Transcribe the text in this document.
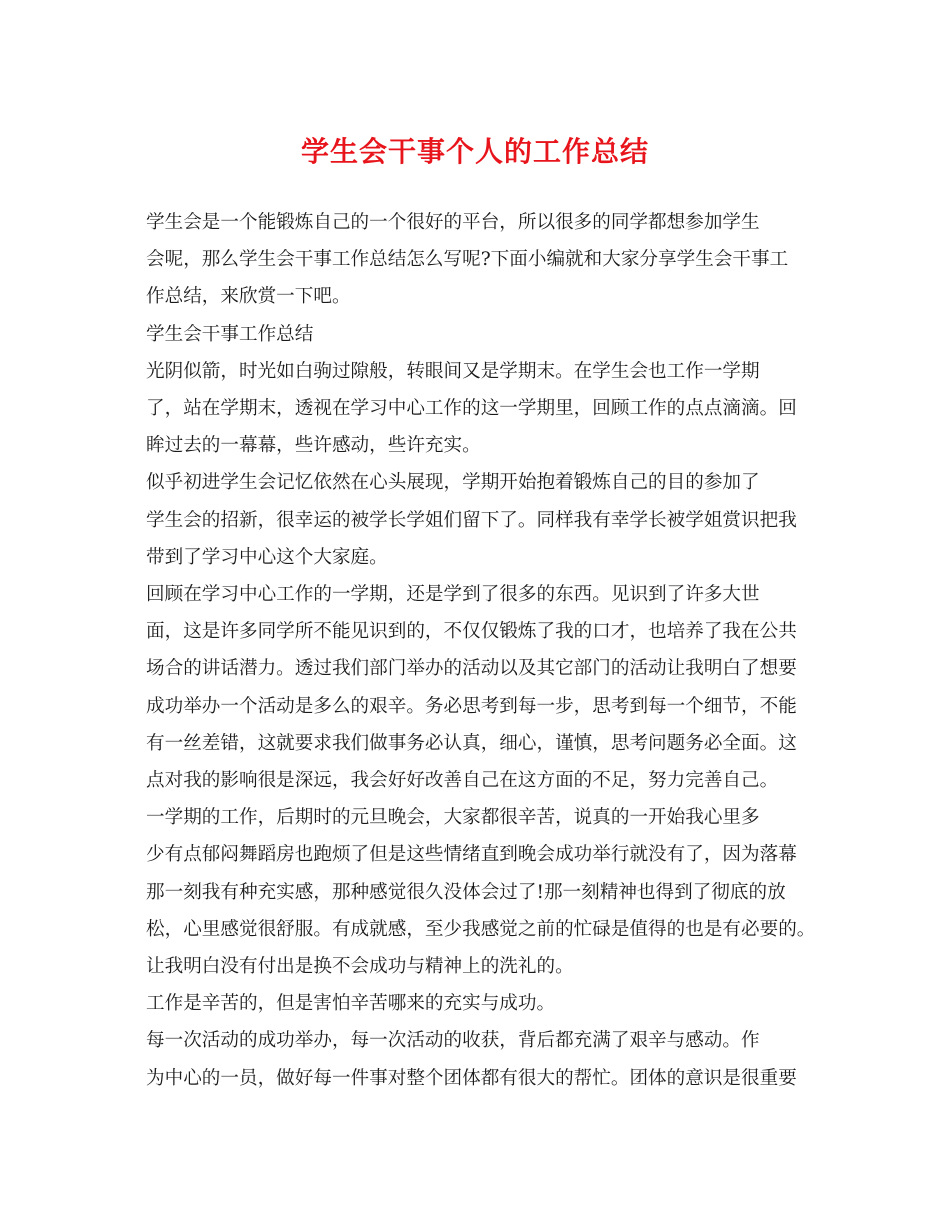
学生会干事个人的工作总结

学生会是一个能锻炼自己的一个很好的平台，所以很多的同学都想参加学生
会呢，那么学生会干事工作总结怎么写呢?下面小编就和大家分享学生会干事工
作总结，来欣赏一下吧。

学生会干事工作总结

光阴似箭，时光如白驹过隙般，转眼间又是学期末。在学生会也工作一学期
了，站在学期末，透视在学习中心工作的这一学期里，回顾工作的点点滴滴。回
眸过去的一幕幕，些许感动，些许充实。

似乎初进学生会记忆依然在心头展现，学期开始抱着锻炼自己的目的参加了
学生会的招新，很幸运的被学长学姐们留下了。同样我有幸学长被学姐赏识把我
带到了学习中心这个大家庭。

回顾在学习中心工作的一学期，还是学到了很多的东西。见识到了许多大世
面，这是许多同学所不能见识到的，不仅仅锻炼了我的口才，也培养了我在公共
场合的讲话潜力。透过我们部门举办的活动以及其它部门的活动让我明白了想要
成功举办一个活动是多么的艰辛。务必思考到每一步，思考到每一个细节，不能
有一丝差错，这就要求我们做事务必认真，细心，谨慎，思考问题务必全面。这
点对我的影响很是深远，我会好好改善自己在这方面的不足，努力完善自己。

一学期的工作，后期时的元旦晚会，大家都很辛苦，说真的一开始我心里多
少有点郁闷舞蹈房也跑烦了但是这些情绪直到晚会成功举行就没有了，因为落幕
那一刻我有种充实感，那种感觉很久没体会过了!那一刻精神也得到了彻底的放
松，心里感觉很舒服。有成就感，至少我感觉之前的忙碌是值得的也是有必要的。
让我明白没有付出是换不会成功与精神上的洗礼的。

工作是辛苦的，但是害怕辛苦哪来的充实与成功。

每一次活动的成功举办，每一次活动的收获，背后都充满了艰辛与感动。作
为中心的一员，做好每一件事对整个团体都有很大的帮忙。团体的意识是很重要
